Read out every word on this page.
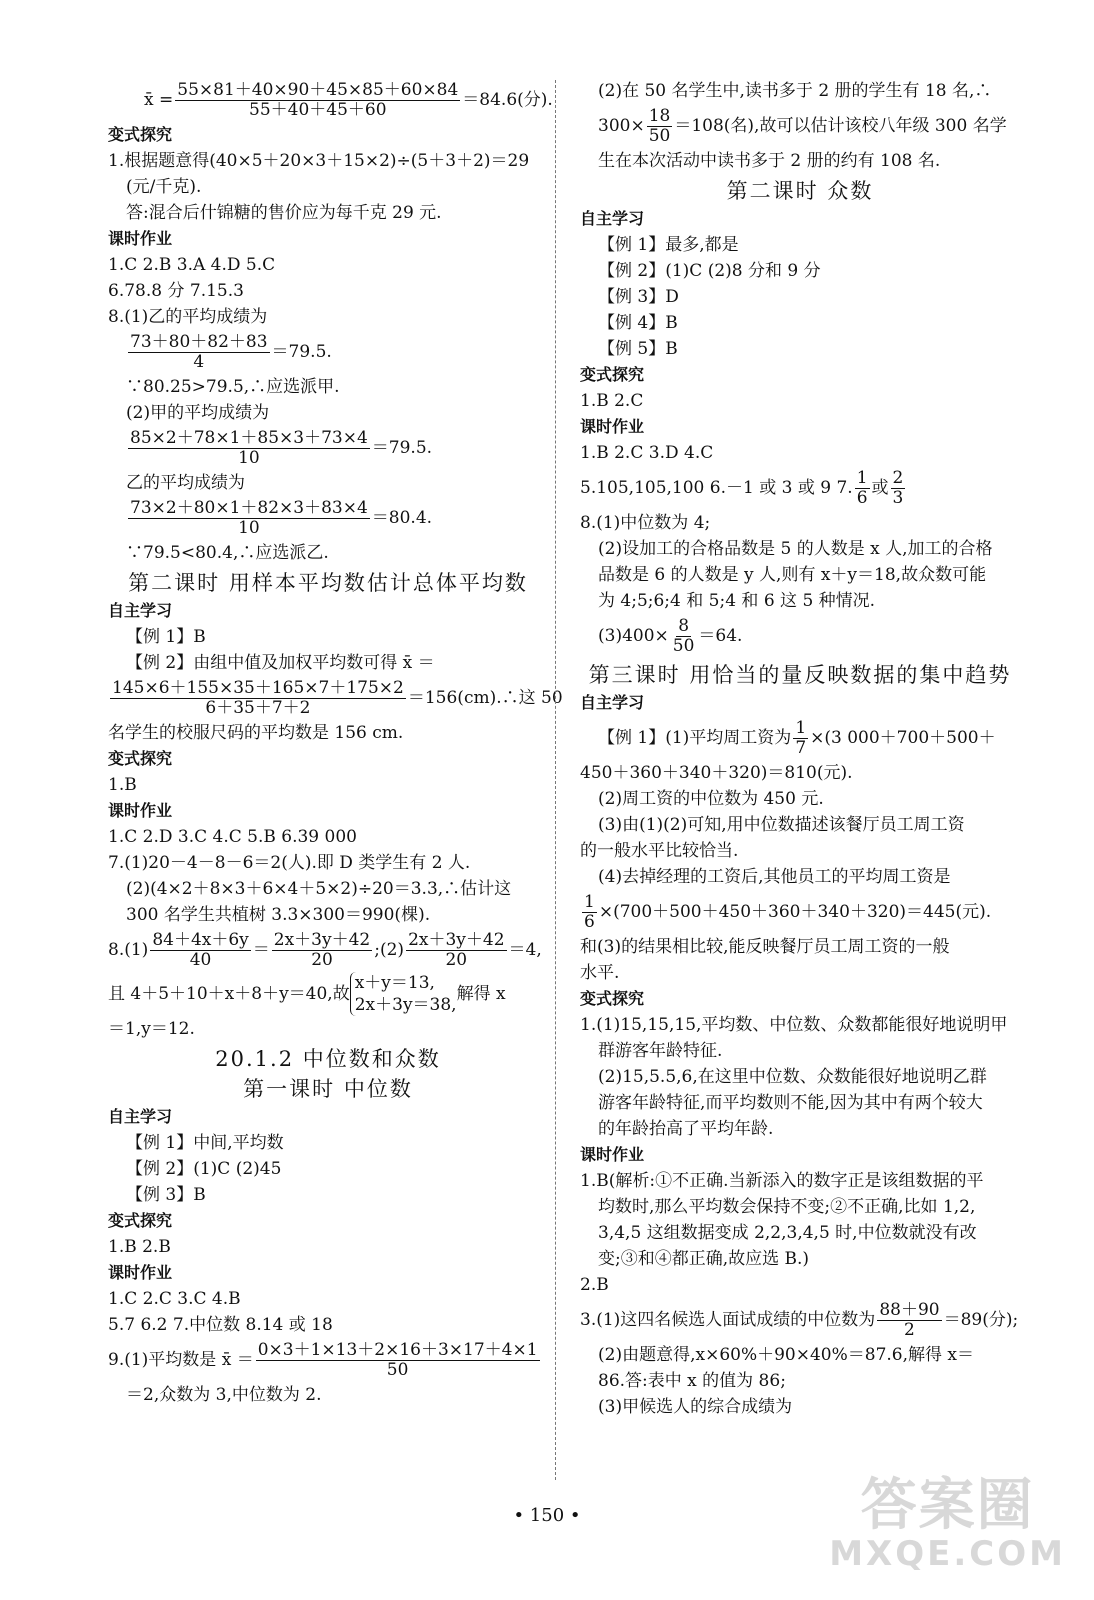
x̄ = $\frac{55\times 81+40\times 90+45\times 85+60\times 84}{55+40+45+60} =84.6$(分).
变式探究
1.根据题意得(40×5＋20×3＋15×2)÷(5＋3＋2)＝29
(元/千克).
答:混合后什锦糖的售价应为每千克 29 元.
课时作业
1.C 2.B 3.A 4.D 5.C
6.78.8 分 7.15.3
8.(1)乙的平均成绩为
$\frac{73+80+82+83}{4} =79.5$.
∵80.25>79.5,∴应选派甲.
(2)甲的平均成绩为
$\frac{85\times 2+78\times 1+85\times 3+73\times 4}{10} =79.5$.
乙的平均成绩为
$\frac{73\times 2+80\times 1+82\times 3+83\times 4}{10} =80.4$.
∵79.5<80.4,∴应选派乙.
第二课时 用样本平均数估计总体平均数
自主学习
【例 1】B
【例 2】由组中值及加权平均数可得 x̄ ＝
$\frac{145\times 6+155\times 35+165\times 7+175\times 2}{6+35+7+2}$ ＝156(cm).∴这 50
名学生的校服尺码的平均数是 156 cm.
变式探究
1.B
课时作业
1.C 2.D 3.C 4.C 5.B 6.39 000
7.(1)20－4－8－6＝2(人).即 D 类学生有 2 人.
(2)(4×2＋8×3＋6×4＋5×2)÷20＝3.3,∴估计这
300 名学生共植树 3.3×300＝990(棵).
$8.(1) \frac{84+4x+6y}{40} = \frac{2x+3y+42}{20}$ ;(2) $\frac{2x+3y+42}{20} =4$,
且 4＋5＋10＋x＋8＋y＝40,故
x＋y＝13,
2x＋3y＝38,
解得 x
＝1,y＝12.
20.1.2 中位数和众数
第一课时 中位数
自主学习
【例 1】中间,平均数
【例 2】(1)C (2)45
【例 3】B
变式探究
1.B 2.B
课时作业
1.C 2.C 3.C 4.B
5.7 6.2 7.中位数 8.14 或 18
9.(1)平均数是 x̄ ＝ $\frac{0\times 3+1\times 13+2\times 16+3\times 17+4\times 1}{50}$
＝2,众数为 3,中位数为 2.
(2)在 50 名学生中,读书多于 2 册的学生有 18 名,∴
$300\times \frac{18}{50} =108$(名),故可以估计该校八年级 300 名学
生在本次活动中读书多于 2 册的约有 108 名.
第二课时 众数
自主学习
【例 1】最多,都是
【例 2】(1)C (2)8 分和 9 分
【例 3】D
【例 4】B
【例 5】B
变式探究
1.B 2.C
课时作业
1.B 2.C 3.D 4.C
5.105,105,100 6.－1 或 3 或 9 7. $\frac{1}{6}$ 或 $\frac{2}{3}$
8.(1)中位数为 4;
(2)设加工的合格品数是 5 的人数是 x 人,加工的合格
品数是 6 的人数是 y 人,则有 x＋y＝18,故众数可能
为 4;5;6;4 和 5;4 和 6 这 5 种情况.
$(3)400\times \frac{8}{50} =64$.
第三课时 用恰当的量反映数据的集中趋势
自主学习
【例 1】(1)平均周工资为 $\frac{1}{7} \times(3$ 000＋700＋500＋
450＋360＋340＋320)＝810(元).
(2)周工资的中位数为 450 元.
(3)由(1)(2)可知,用中位数描述该餐厅员工周工资
的一般水平比较恰当.
(4)去掉经理的工资后,其他员工的平均周工资是
$\frac{1}{6} \times(700+500+450+360+340+320)=445$(元).
和(3)的结果相比较,能反映餐厅员工周工资的一般
水平.
变式探究
1.(1)15,15,15,平均数、中位数、众数都能很好地说明甲
群游客年龄特征.
(2)15,5.5,6,在这里中位数、众数能很好地说明乙群
游客年龄特征,而平均数则不能,因为其中有两个较大
的年龄抬高了平均年龄.
课时作业
1.B(解析:①不正确.当新添入的数字正是该组数据的平
均数时,那么平均数会保持不变;②不正确,比如 1,2,
3,4,5 这组数据变成 2,2,3,4,5 时,中位数就没有改
变;③和④都正确,故应选 B.)
2.B
3.(1)这四名候选人面试成绩的中位数为 $\frac{88+90}{2} =89$(分);
(2)由题意得,x×60%＋90×40%＝87.6,解得 x＝
86.答:表中 x 的值为 86;
(3)甲候选人的综合成绩为
• 150 •	答案圈
MXQE.COM
